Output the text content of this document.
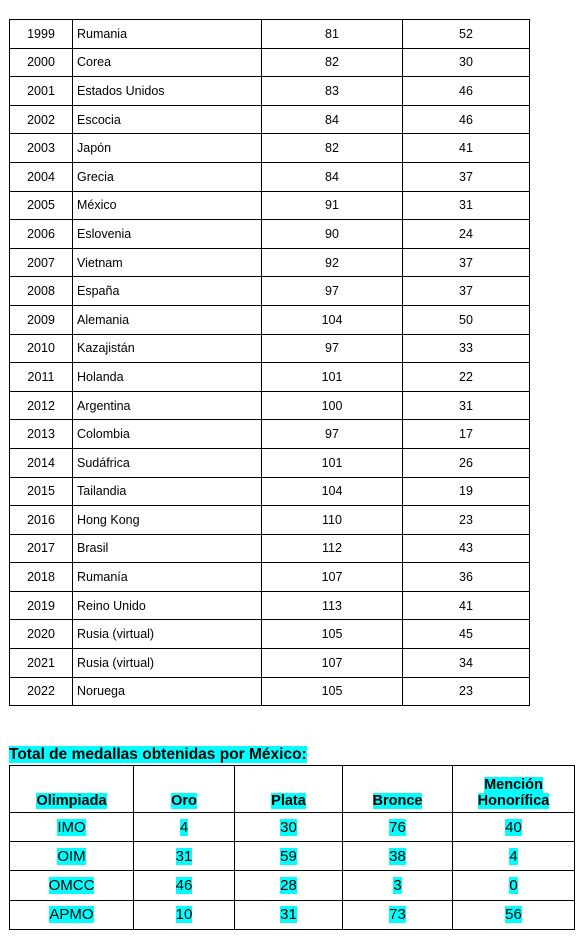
1999	Rumania	81	52
2000	Corea	82	30
2001	Estados Unidos	83	46
2002	Escocia	84	46
2003	Japón	82	41
2004	Grecia	84	37
2005	México	91	31
2006	Eslovenia	90	24
2007	Vietnam	92	37
2008	España	97	37
2009	Alemania	104	50
2010	Kazajistán	97	33
2011	Holanda	101	22
2012	Argentina	100	31
2013	Colombia	97	17
2014	Sudáfrica	101	26
2015	Tailandia	104	19
2016	Hong Kong	110	23
2017	Brasil	112	43
2018	Rumanía	107	36
2019	Reino Unido	113	41
2020	Rusia (virtual)	105	45
2021	Rusia (virtual)	107	34
2022	Noruega	105	23

Total de medallas obtenidas por México:

Olimpiada	Oro	Plata	Bronce	Mención
Honorífica
IMO	4	30	76	40
OIM	31	59	38	4
OMCC	46	28	3	0
APMO	10	31	73	56
